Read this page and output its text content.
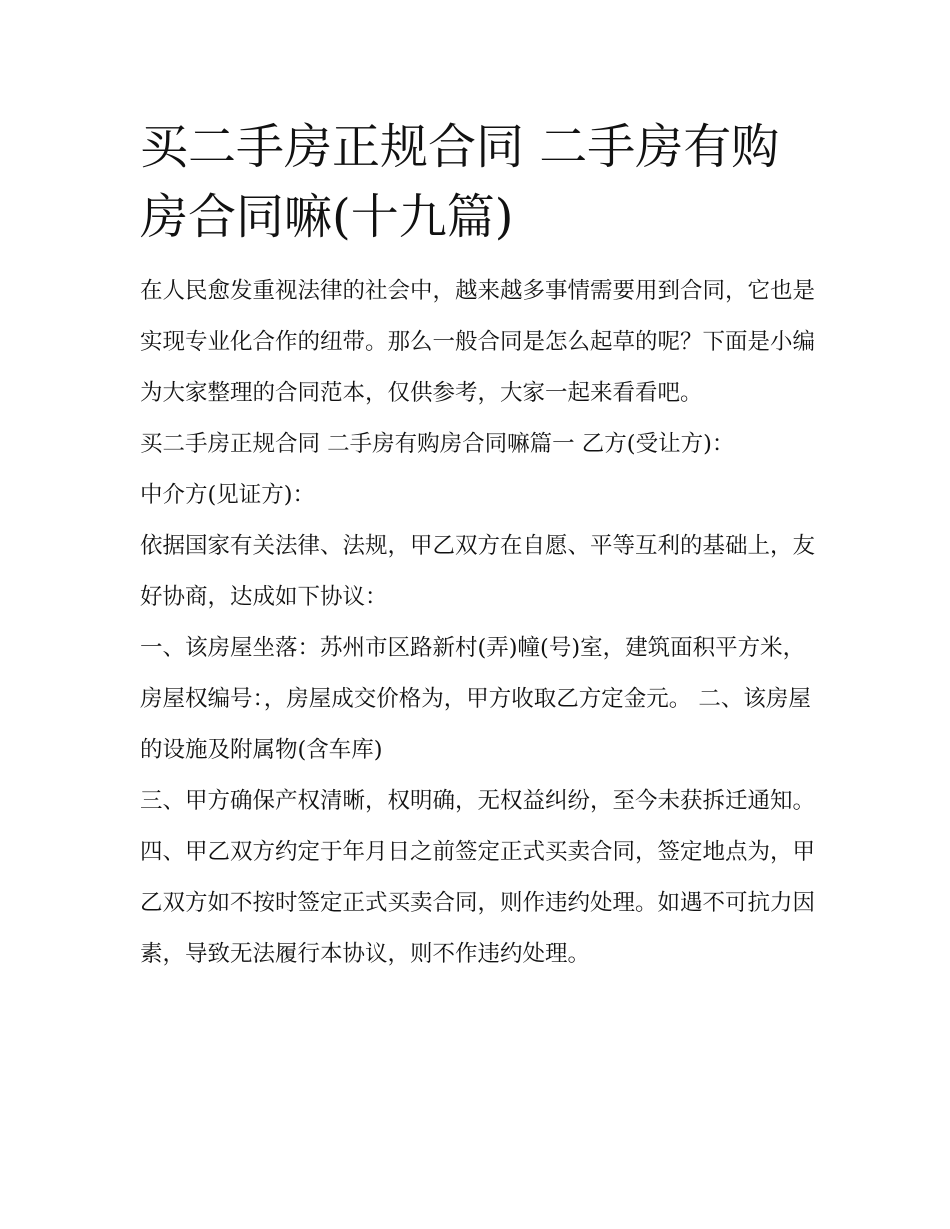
买二手房正规合同 二手房有购房合同嘛(十九篇)

在人民愈发重视法律的社会中，越来越多事情需要用到合同，它也是实现专业化合作的纽带。那么一般合同是怎么起草的呢？下面是小编为大家整理的合同范本，仅供参考，大家一起来看看吧。

买二手房正规合同 二手房有购房合同嘛篇一 乙方(受让方)：

中介方(见证方)：

依据国家有关法律、法规，甲乙双方在自愿、平等互利的基础上，友好协商，达成如下协议：

一、该房屋坐落：苏州市区路新村(弄)幢(号)室，建筑面积平方米，房屋权编号：，房屋成交价格为，甲方收取乙方定金元。 二、该房屋的设施及附属物(含车库)

三、甲方确保产权清晰，权明确，无权益纠纷，至今未获拆迁通知。

四、甲乙双方约定于年月日之前签定正式买卖合同，签定地点为，甲乙双方如不按时签定正式买卖合同，则作违约处理。如遇不可抗力因素，导致无法履行本协议，则不作违约处理。
